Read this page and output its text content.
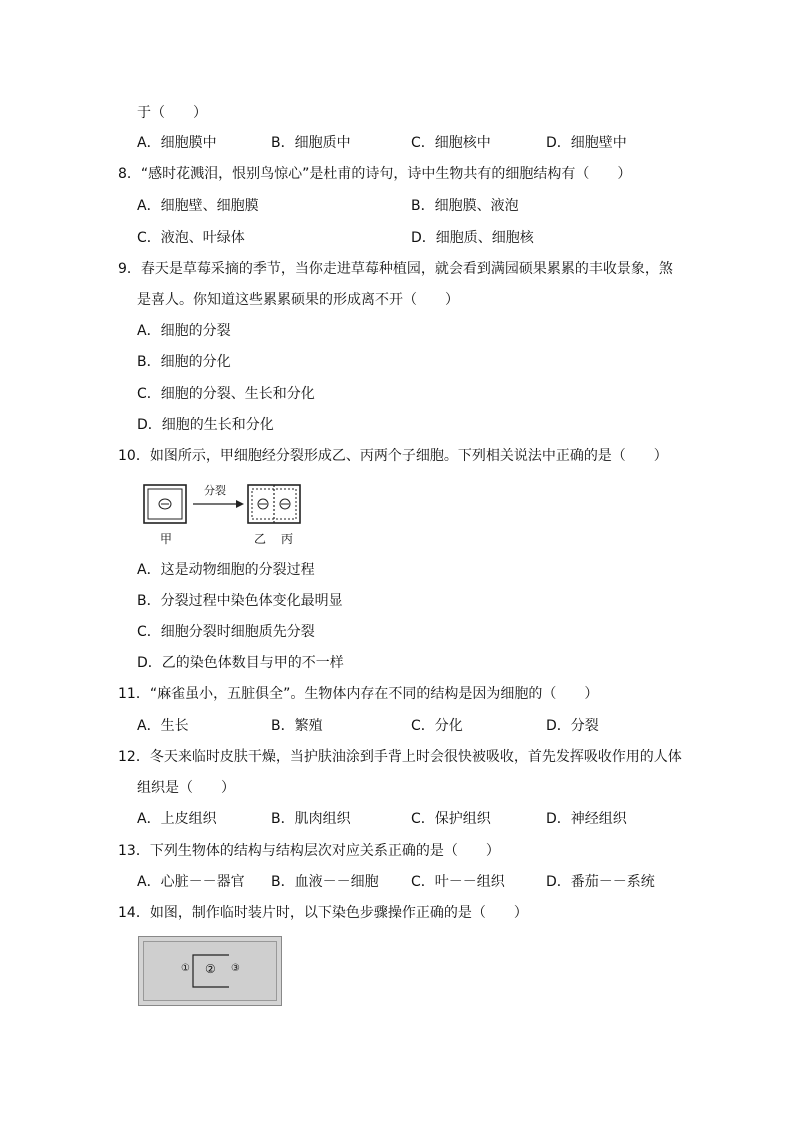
于（　　）
A．细胞膜中	B．细胞质中	C．细胞核中	D．细胞壁中
8．“感时花溅泪，恨别鸟惊心”是杜甫的诗句，诗中生物共有的细胞结构有（　　）
A．细胞壁、细胞膜	B．细胞膜、液泡
C．液泡、叶绿体	D．细胞质、细胞核
9．春天是草莓采摘的季节，当你走进草莓种植园，就会看到满园硕果累累的丰收景象，煞
是喜人。你知道这些累累硕果的形成离不开（　　）
A．细胞的分裂
B．细胞的分化
C．细胞的分裂、生长和分化
D．细胞的生长和分化
10．如图所示，甲细胞经分裂形成乙、丙两个子细胞。下列相关说法中正确的是（　　）
分裂
甲	乙 丙
A．这是动物细胞的分裂过程
B．分裂过程中染色体变化最明显
C．细胞分裂时细胞质先分裂
D．乙的染色体数目与甲的不一样
11．“麻雀虽小，五脏俱全”。生物体内存在不同的结构是因为细胞的（　　）
A．生长	B．繁殖	C．分化	D．分裂
12．冬天来临时皮肤干燥，当护肤油涂到手背上时会很快被吸收，首先发挥吸收作用的人体
组织是（　　）
A．上皮组织	B．肌肉组织	C．保护组织	D．神经组织
13．下列生物体的结构与结构层次对应关系正确的是（　　）
A．心脏－－器官 B．血液－－细胞 C．叶－－组织	D．番茄－－系统
14．如图，制作临时装片时，以下染色步骤操作正确的是（　　）
① ② ③
